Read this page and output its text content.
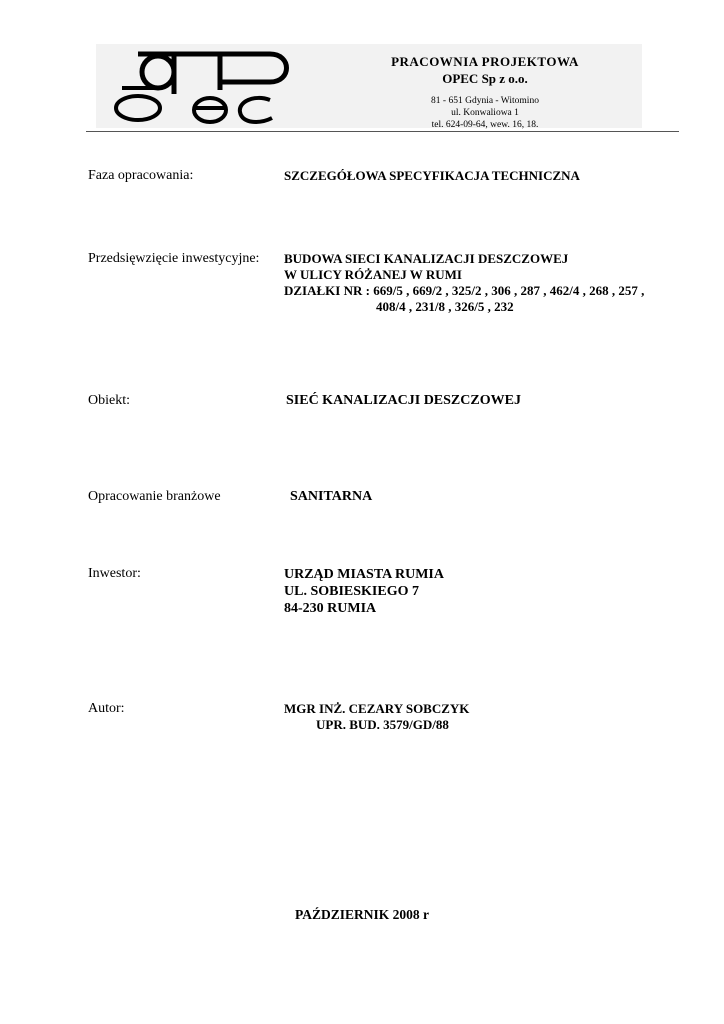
PRACOWNIA PROJEKTOWA
OPEC Sp z o.o.
81 - 651 Gdynia - Witomino
ul. Konwaliowa 1
tel. 624-09-64, wew. 16, 18.
Faza opracowania:	SZCZEGÓŁOWA SPECYFIKACJA TECHNICZNA
Przedsięwzięcie inwestycyjne: BUDOWA SIECI KANALIZACJI DESZCZOWEJ
W ULICY RÓŻANEJ W RUMI
DZIAŁKI NR : 669/5 , 669/2 , 325/2 , 306 , 287 , 462/4 , 268 , 257 ,
408/4 , 231/8 , 326/5 , 232
Obiekt:	SIEĆ KANALIZACJI DESZCZOWEJ
Opracowanie branżowe	SANITARNA
Inwestor:	URZĄD MIASTA RUMIA
UL. SOBIESKIEGO 7
84-230 RUMIA
Autor:	MGR INŻ. CEZARY SOBCZYK
UPR. BUD. 3579/GD/88
PAŹDZIERNIK 2008 r
